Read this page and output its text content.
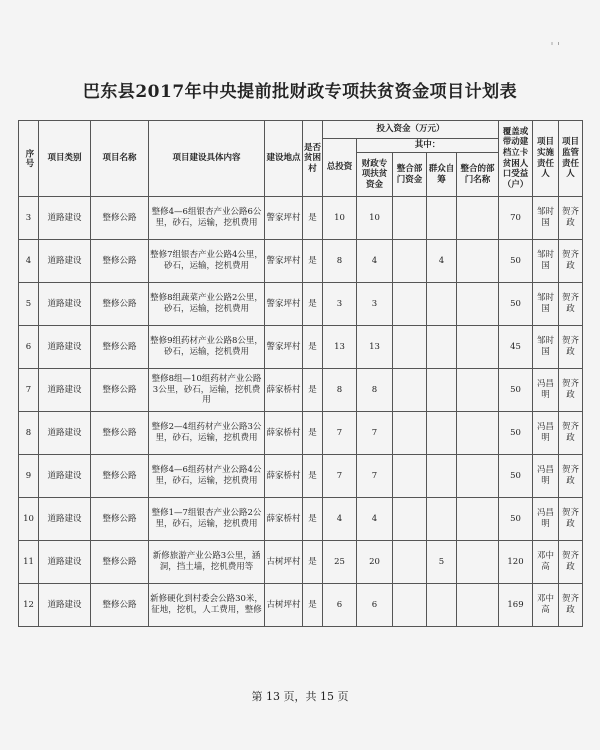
巴东县2017年中央提前批财政专项扶贫资金项目计划表
' '
序号	项目类别	项目名称	项目建设具体内容	建设地点	是否贫困村	投入资金（万元）					覆盖或带动建档立卡贫困人口受益（户）	项目实施责任人	项目监管责任人
						总投资	其中：						
							财政专项扶贫资金	整合部门资金	群众自筹	整合的部门名称			
3	道路建设	整修公路	整修4—6组银杏产业公路6公里，砂石，运输，挖机费用	警家坪村	是	10	10				70	邹时国	贺齐政
4	道路建设	整修公路	整修7组银杏产业公路4公里，砂石，运输，挖机费用	警家坪村	是	8	4		4		50	邹时国	贺齐政
5	道路建设	整修公路	整修8组蔬菜产业公路2公里，砂石，运输，挖机费用	警家坪村	是	3	3				50	邹时国	贺齐政
6	道路建设	整修公路	整修9组药材产业公路8公里，砂石，运输，挖机费用	警家坪村	是	13	13				45	邹时国	贺齐政
7	道路建设	整修公路	整修8组—10组药材产业公路3公里，砂石，运输，挖机费用	薛家桥村	是	8	8				50	冯昌明	贺齐政
8	道路建设	整修公路	整修2—4组药材产业公路3公里，砂石，运输，挖机费用	薛家桥村	是	7	7				50	冯昌明	贺齐政
9	道路建设	整修公路	整修4—6组药材产业公路4公里，砂石，运输，挖机费用	薛家桥村	是	7	7				50	冯昌明	贺齐政
10	道路建设	整修公路	整修1—7组银杏产业公路2公里，砂石，运输，挖机费用	薛家桥村	是	4	4				50	冯昌明	贺齐政
11	道路建设	整修公路	新修旅游产业公路3公里，涵洞，挡土墙，挖机费用等	古树坪村	是	25	20		5		120	邓中高	贺齐政
12	道路建设	整修公路	新修硬化到村委会公路30米，征地，挖机，人工费用，整修	古树坪村	是	6	6				169	邓中高	贺齐政
第 13 页，共 15 页
